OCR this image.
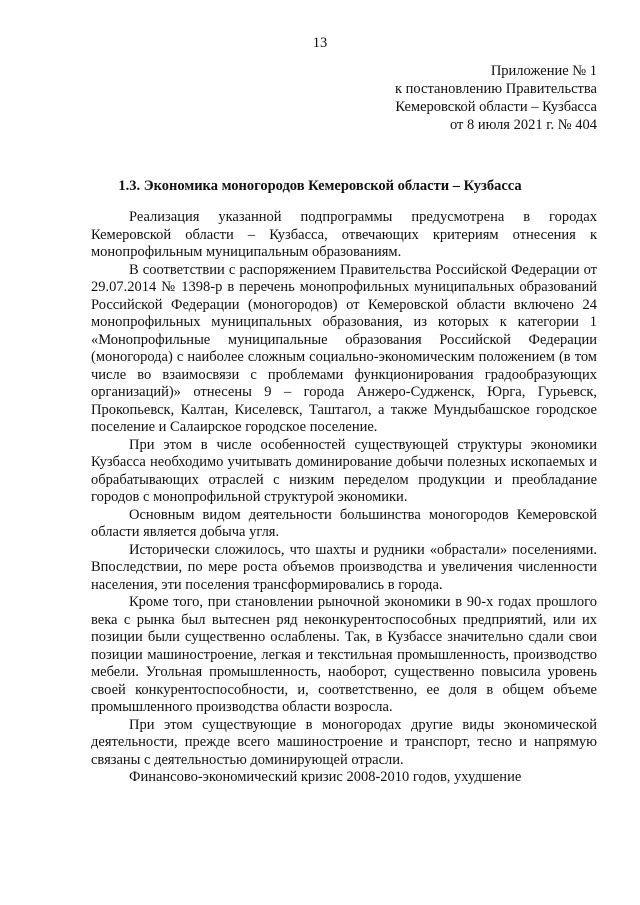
13
Приложение № 1
к постановлению Правительства
Кемеровской области – Кузбасса
от 8 июля 2021 г. № 404
1.3. Экономика моногородов Кемеровской области – Кузбасса

Реализация указанной подпрограммы предусмотрена в городах Кемеровской области – Кузбасса, отвечающих критериям отнесения к монопрофильным муниципальным образованиям.

В соответствии с распоряжением Правительства Российской Федерации от 29.07.2014 № 1398-р в перечень монопрофильных муниципальных образований Российской Федерации (моногородов) от Кемеровской области включено 24 монопрофильных муниципальных образования, из которых к категории 1 «Монопрофильные муниципальные образования Российской Федерации (моногорода) с наиболее сложным социально-экономическим положением (в том числе во взаимосвязи с проблемами функционирования градообразующих организаций)» отнесены 9 – города Анжеро-Судженск, Юрга, Гурьевск, Прокопьевск, Калтан, Киселевск, Таштагол, а также Мундыбашское городское поселение и Салаирское городское поселение.

При этом в числе особенностей существующей структуры экономики Кузбасса необходимо учитывать доминирование добычи полезных ископаемых и обрабатывающих отраслей с низким переделом продукции и преобладание городов с монопрофильной структурой экономики.

Основным видом деятельности большинства моногородов Кемеровской области является добыча угля.

Исторически сложилось, что шахты и рудники «обрастали» поселениями. Впоследствии, по мере роста объемов производства и увеличения численности населения, эти поселения трансформировались в города.

Кроме того, при становлении рыночной экономики в 90-х годах прошлого века с рынка был вытеснен ряд неконкурентоспособных предприятий, или их позиции были существенно ослаблены. Так, в Кузбассе значительно сдали свои позиции машиностроение, легкая и текстильная промышленность, производство мебели. Угольная промышленность, наоборот, существенно повысила уровень своей конкурентоспособности, и, соответственно, ее доля в общем объеме промышленного производства области возросла.

При этом существующие в моногородах другие виды экономической деятельности, прежде всего машиностроение и транспорт, тесно и напрямую связаны с деятельностью доминирующей отрасли.

Финансово-экономический кризис 2008-2010 годов, ухудшение
